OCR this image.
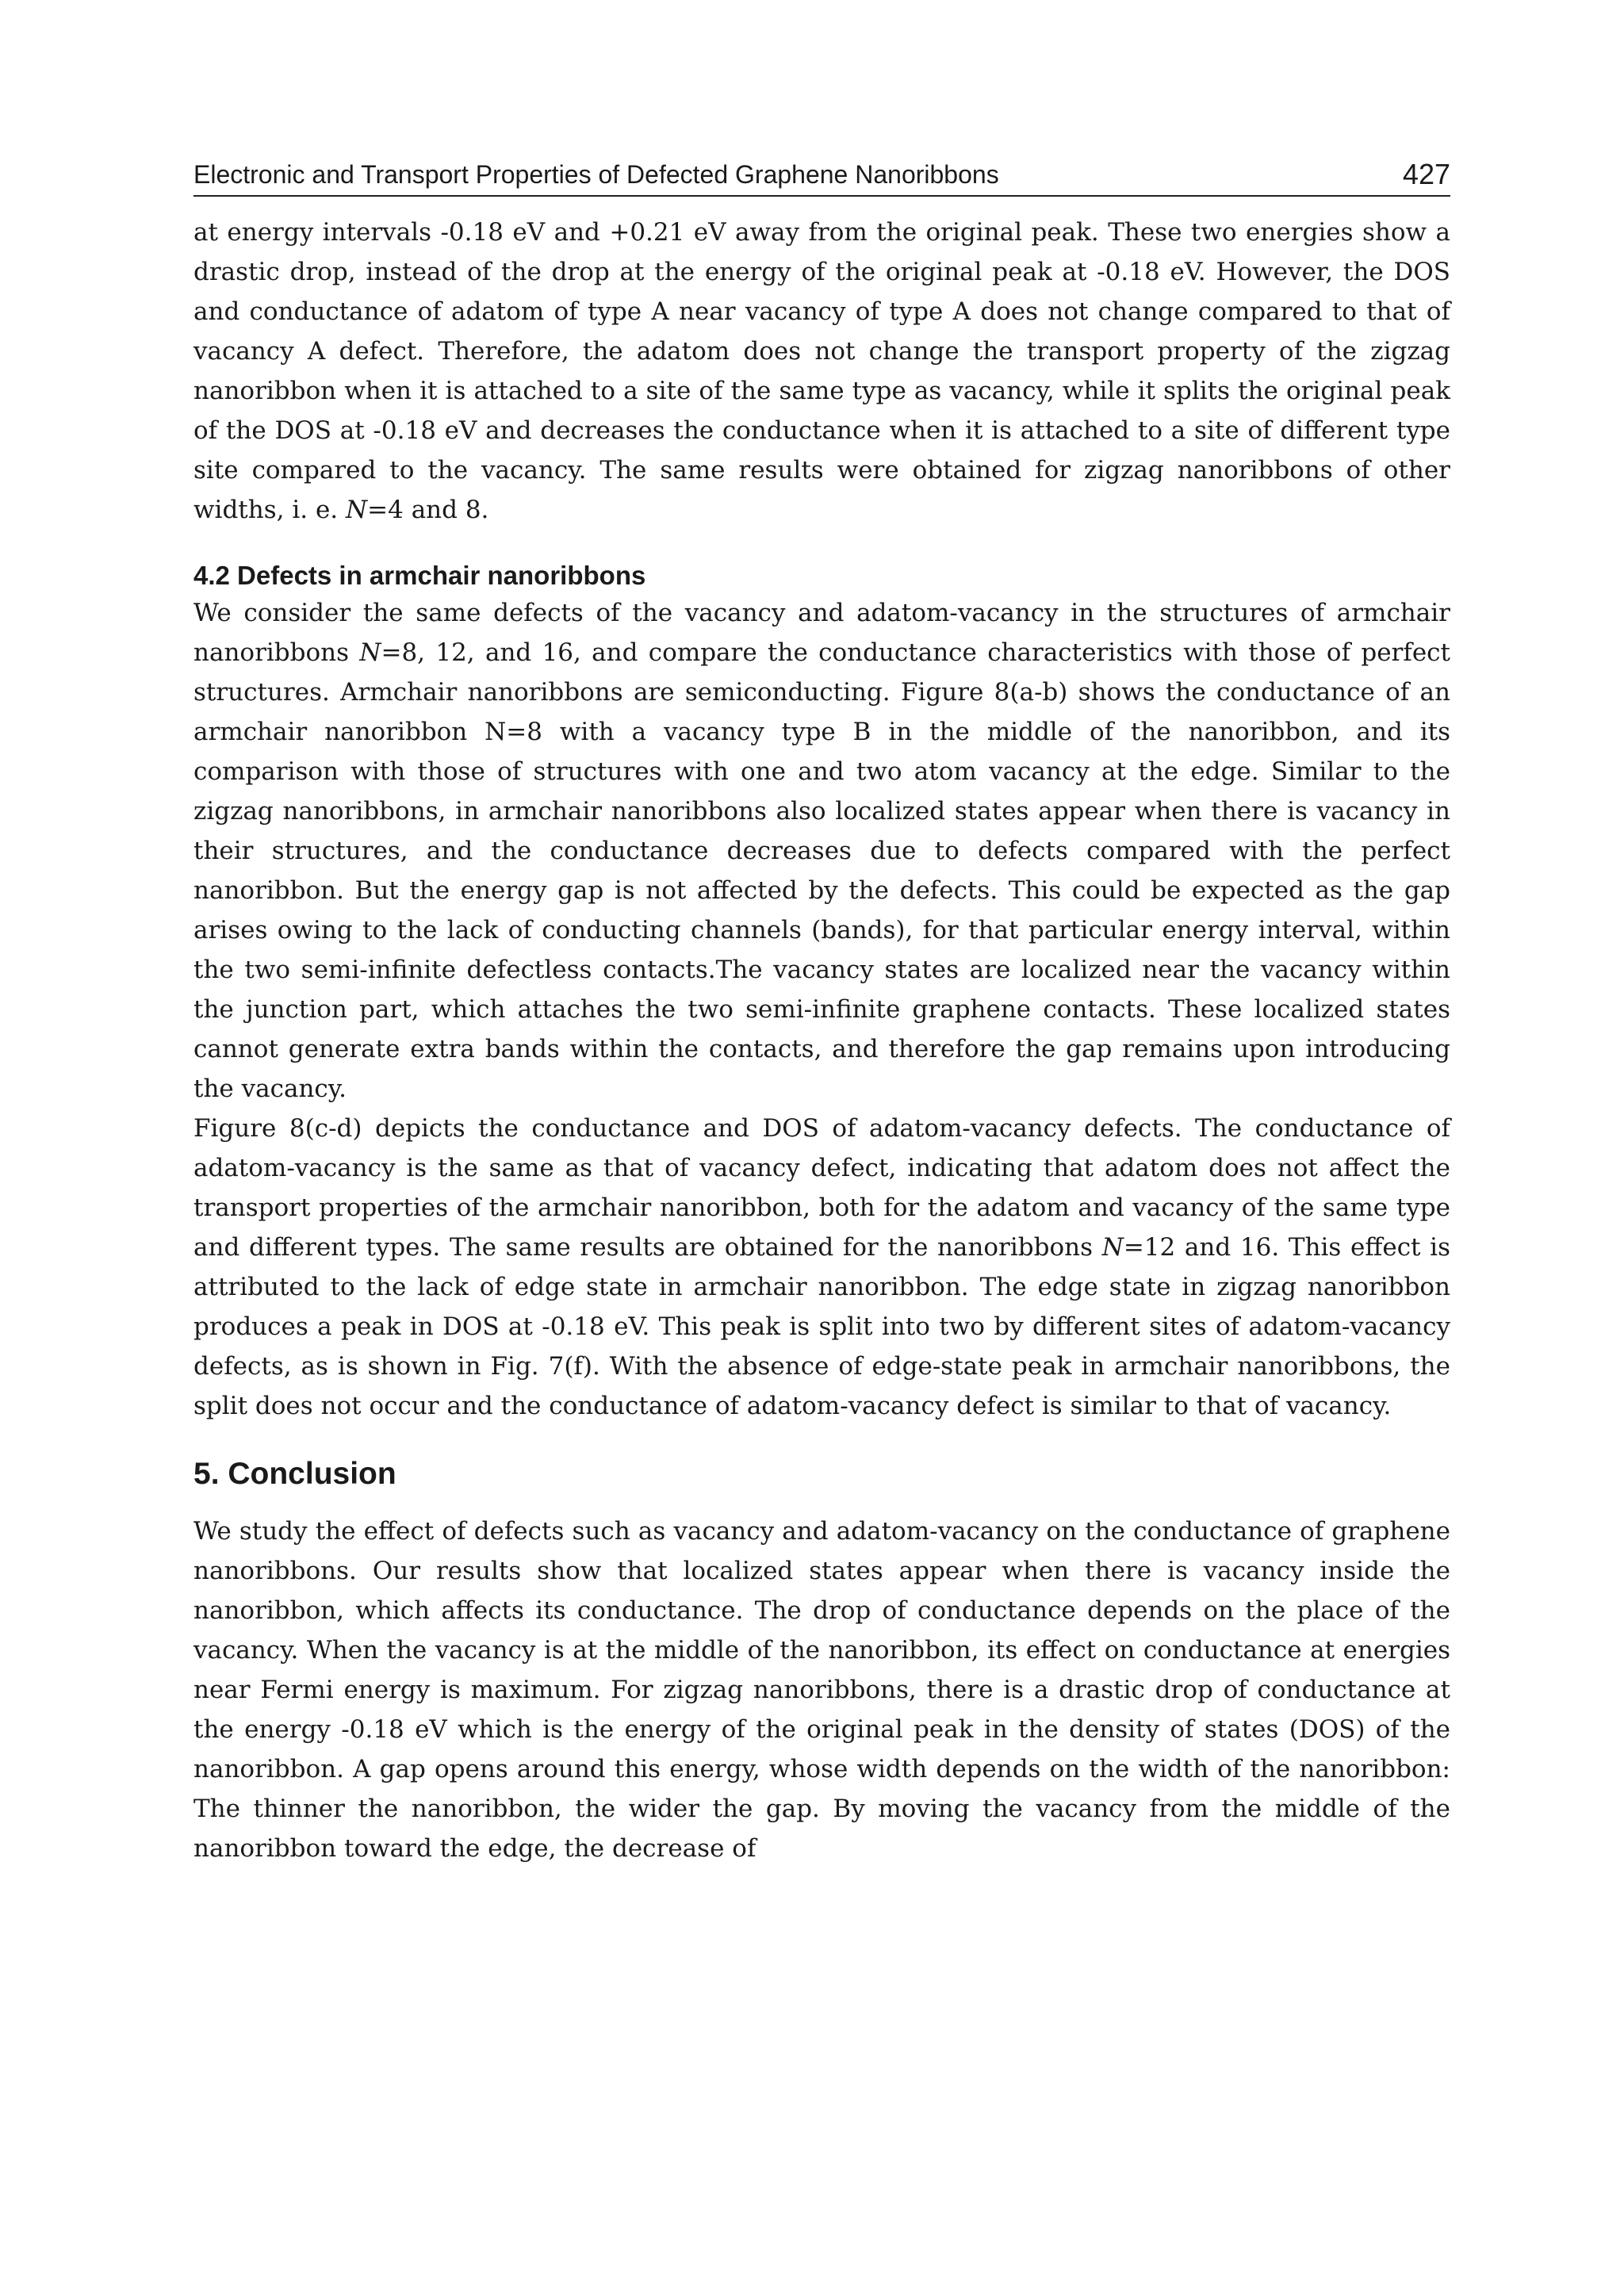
Electronic and Transport Properties of Defected Graphene Nanoribbons	427

at energy intervals -0.18 eV and +0.21 eV away from the original peak. These two energies show a drastic drop, instead of the drop at the energy of the original peak at -0.18 eV. However, the DOS and conductance of adatom of type A near vacancy of type A does not change compared to that of vacancy A defect. Therefore, the adatom does not change the transport property of the zigzag nanoribbon when it is attached to a site of the same type as vacancy, while it splits the original peak of the DOS at -0.18 eV and decreases the conductance when it is attached to a site of different type site compared to the vacancy. The same results were obtained for zigzag nanoribbons of other widths, i. e. N=4 and 8.

4.2 Defects in armchair nanoribbons

We consider the same defects of the vacancy and adatom-vacancy in the structures of armchair nanoribbons N=8, 12, and 16, and compare the conductance characteristics with those of perfect structures. Armchair nanoribbons are semiconducting. Figure 8(a-b) shows the conductance of an armchair nanoribbon N=8 with a vacancy type B in the middle of the nanoribbon, and its comparison with those of structures with one and two atom vacancy at the edge. Similar to the zigzag nanoribbons, in armchair nanoribbons also localized states appear when there is vacancy in their structures, and the conductance decreases due to defects compared with the perfect nanoribbon. But the energy gap is not affected by the defects. This could be expected as the gap arises owing to the lack of conducting channels (bands), for that particular energy interval, within the two semi-infinite defectless contacts.The vacancy states are localized near the vacancy within the junction part, which attaches the two semi-infinite graphene contacts. These localized states cannot generate extra bands within the contacts, and therefore the gap remains upon introducing the vacancy.

Figure 8(c-d) depicts the conductance and DOS of adatom-vacancy defects. The conductance of adatom-vacancy is the same as that of vacancy defect, indicating that adatom does not affect the transport properties of the armchair nanoribbon, both for the adatom and vacancy of the same type and different types. The same results are obtained for the nanoribbons N=12 and 16. This effect is attributed to the lack of edge state in armchair nanoribbon. The edge state in zigzag nanoribbon produces a peak in DOS at -0.18 eV. This peak is split into two by different sites of adatom-vacancy defects, as is shown in Fig. 7(f). With the absence of edge-state peak in armchair nanoribbons, the split does not occur and the conductance of adatom-vacancy defect is similar to that of vacancy.

5. Conclusion

We study the effect of defects such as vacancy and adatom-vacancy on the conductance of graphene nanoribbons. Our results show that localized states appear when there is vacancy inside the nanoribbon, which affects its conductance. The drop of conductance depends on the place of the vacancy. When the vacancy is at the middle of the nanoribbon, its effect on conductance at energies near Fermi energy is maximum. For zigzag nanoribbons, there is a drastic drop of conductance at the energy -0.18 eV which is the energy of the original peak in the density of states (DOS) of the nanoribbon. A gap opens around this energy, whose width depends on the width of the nanoribbon: The thinner the nanoribbon, the wider the gap. By moving the vacancy from the middle of the nanoribbon toward the edge, the decrease of
